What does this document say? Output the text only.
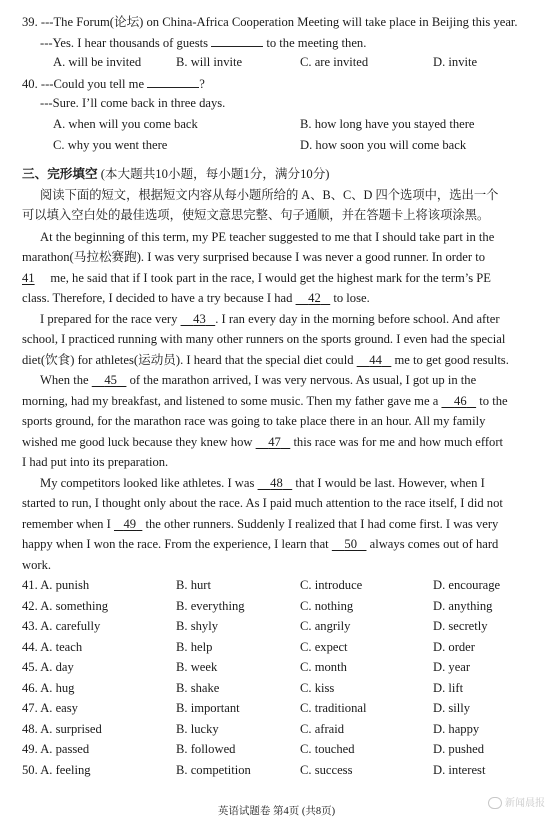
39. ---The Forum(论坛) on China-Africa Cooperation Meeting will take place in Beijing this year.
---Yes. I hear thousands of guests	to the meeting then.
A. will be invited	B. will invite	C. are invited	D. invite
40. ---Could you tell me	?
---Sure. I’ll come back in three days.
A. when will you come back	B. how long have you stayed there
C. why you went there	D. how soon you will come back
三、完形填空 (本大题共10小题，每小题1分，满分10分)
阅读下面的短文，根据短文内容从每小题所给的 A、B、C、D 四个选项中，选出一个
可以填入空白处的最佳选项，使短文意思完整、句子通顺，并在答题卡上将该项涂黑。
At the beginning of this term, my PE teacher suggested to me that I should take part in the
marathon(马拉松赛跑). I was very surprised because I was never a good runner. In order to
41 me, he said that if I took part in the race, I would get the highest mark for the term’s PE
class. Therefore, I decided to have a try because I had 42 to lose.
I prepared for the race very 43 . I ran every day in the morning before school. And after
school, I practiced running with many other runners on the sports ground. I even had the special
diet(饮食) for athletes(运动员). I heard that the special diet could 44 me to get good results.
When the 45 of the marathon arrived, I was very nervous. As usual, I got up in the
morning, had my breakfast, and listened to some music. Then my father gave me a 46 to the
sports ground, for the marathon race was going to take place there in an hour. All my family
wished me good luck because they knew how 47 this race was for me and how much effort
I had put into its preparation.
My competitors looked like athletes. I was 48 that I would be last. However, when I
started to run, I thought only about the race. As I paid much attention to the race itself, I did not
remember when I 49 the other runners. Suddenly I realized that I had come first. I was very
happy when I won the race. From the experience, I learn that 50 always comes out of hard
work.
41. A. punish	B. hurt	C. introduce	D. encourage
42. A. something	B. everything	C. nothing	D. anything
43. A. carefully	B. shyly	C. angrily	D. secretly
44. A. teach	B. help	C. expect	D. order
45. A. day	B. week	C. month	D. year
46. A. hug	B. shake	C. kiss	D. lift
47. A. easy	B. important	C. traditional	D. silly
48. A. surprised	B. lucky	C. afraid	D. happy
49. A. passed	B. followed	C. touched	D. pushed
50. A. feeling	B. competition	C. success	D. interest
英语试题卷 第4页 (共8页)
新闻晨报
